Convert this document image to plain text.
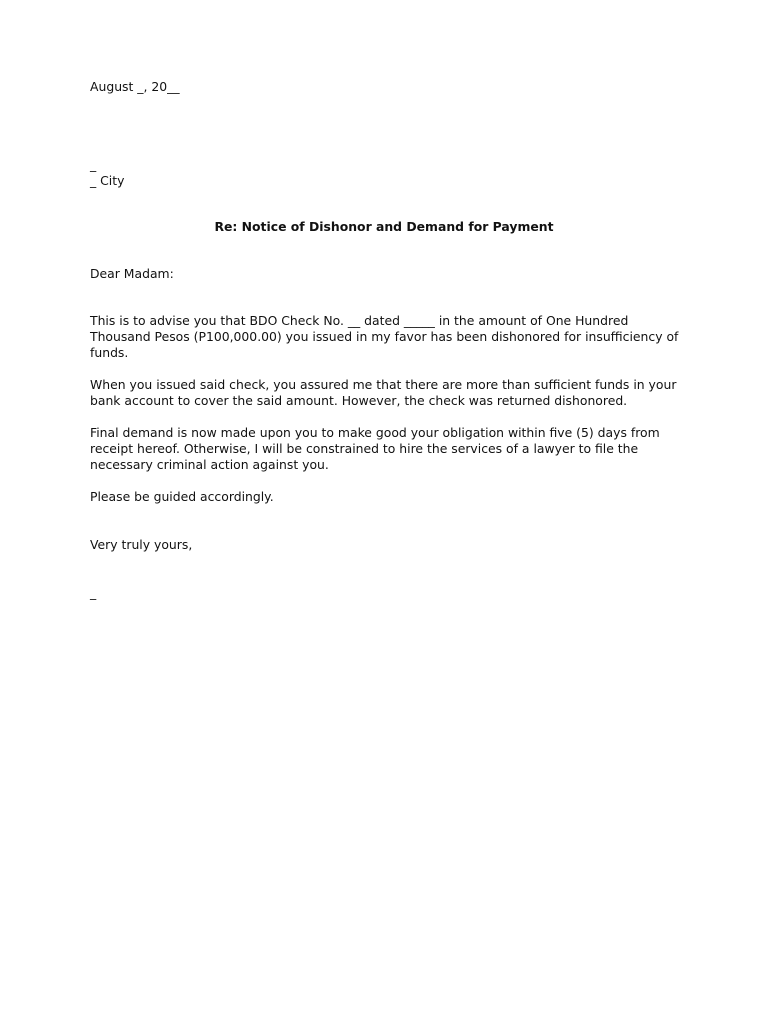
August _, 20__
_
_ City
Re: Notice of Dishonor and Demand for Payment
Dear Madam:
This is to advise you that BDO Check No. __ dated _____ in the amount of One Hundred Thousand Pesos (P100,000.00) you issued in my favor has been dishonored for insufficiency of funds.
When you issued said check, you assured me that there are more than sufficient funds in your bank account to cover the said amount. However, the check was returned dishonored.
Final demand is now made upon you to make good your obligation within five (5) days from receipt hereof. Otherwise, I will be constrained to hire the services of a lawyer to file the necessary criminal action against you.
Please be guided accordingly.
Very truly yours,
_
